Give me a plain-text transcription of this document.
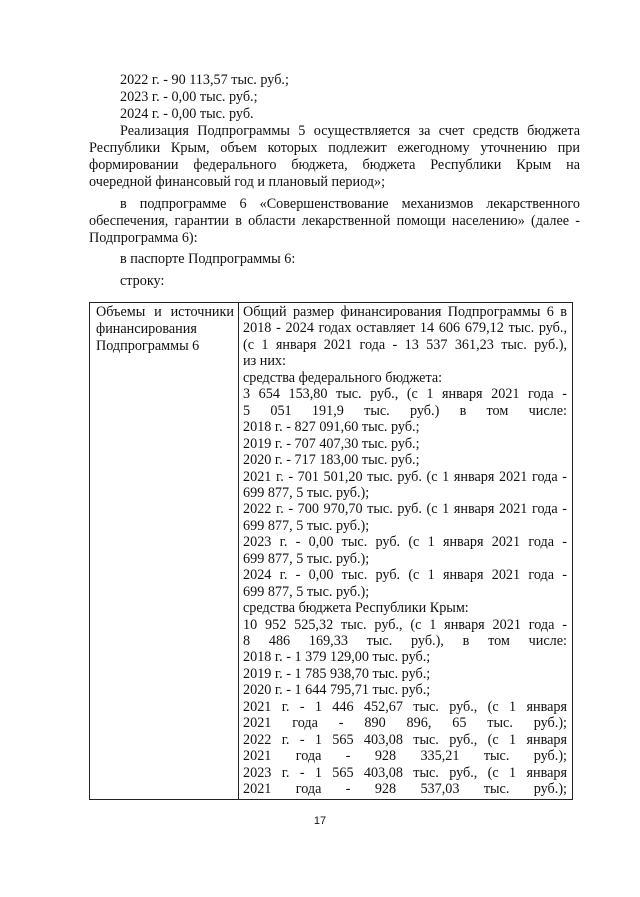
2022 г. - 90 113,57 тыс. руб.;
2023 г. - 0,00 тыс. руб.;
2024 г. - 0,00 тыс. руб.
Реализация Подпрограммы 5 осуществляется за счет средств бюджета
Республики Крым, объем которых подлежит ежегодному уточнению при
формировании федерального бюджета, бюджета Республики Крым на
очередной финансовый год и плановый период»;
в подпрограмме 6 «Совершенствование механизмов лекарственного
обеспечения, гарантии в области лекарственной помощи населению» (далее -
Подпрограмма 6):
в паспорте Подпрограммы 6:
строку:
Объемы и источники
финансирования
Подпрограммы 6
Общий размер финансирования Подпрограммы 6 в
2018 - 2024 годах оставляет 14 606 679,12 тыс. руб.,
(с 1 января 2021 года - 13 537 361,23 тыс. руб.),
из них:
средства федерального бюджета:
3 654 153,80 тыс. руб., (с 1 января 2021 года -
5 051 191,9 тыс. руб.) в том числе:
2018 г. - 827 091,60 тыс. руб.;
2019 г. - 707 407,30 тыс. руб.;
2020 г. - 717 183,00 тыс. руб.;
2021 г. - 701 501,20 тыс. руб. (с 1 января 2021 года -
699 877, 5 тыс. руб.);
2022 г. - 700 970,70 тыс. руб. (с 1 января 2021 года -
699 877, 5 тыс. руб.);
2023 г. - 0,00 тыс. руб. (с 1 января 2021 года -
699 877, 5 тыс. руб.);
2024 г. - 0,00 тыс. руб. (с 1 января 2021 года -
699 877, 5 тыс. руб.);
средства бюджета Республики Крым:
10 952 525,32 тыс. руб., (с 1 января 2021 года -
8 486 169,33 тыс. руб.), в том числе:
2018 г. - 1 379 129,00 тыс. руб.;
2019 г. - 1 785 938,70 тыс. руб.;
2020 г. - 1 644 795,71 тыс. руб.;
2021 г. - 1 446 452,67 тыс. руб., (с 1 января
2021 года - 890 896, 65 тыс. руб.);
2022 г. - 1 565 403,08 тыс. руб., (с 1 января
2021 года - 928 335,21 тыс. руб.);
2023 г. - 1 565 403,08 тыс. руб., (с 1 января
2021 года - 928 537,03 тыс. руб.);
17
